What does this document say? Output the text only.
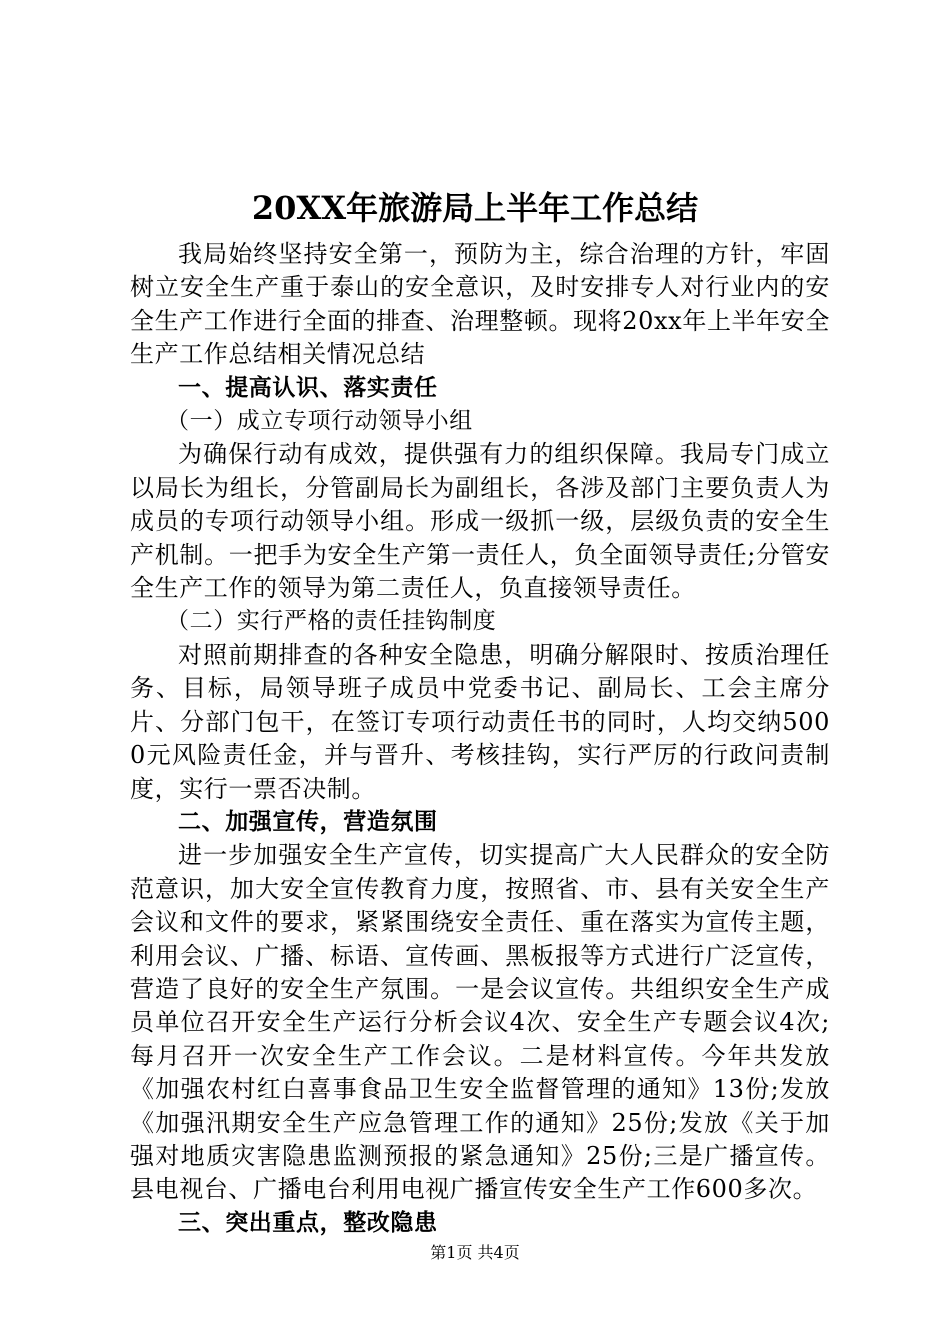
20XX年旅游局上半年工作总结

我局始终坚持安全第一，预防为主，综合治理的方针，牢固树立安全生产重于泰山的安全意识，及时安排专人对行业内的安全生产工作进行全面的排查、治理整顿。现将20xx年上半年安全生产工作总结相关情况总结

一、提高认识、落实责任

（一）成立专项行动领导小组

为确保行动有成效，提供强有力的组织保障。我局专门成立以局长为组长，分管副局长为副组长，各涉及部门主要负责人为成员的专项行动领导小组。形成一级抓一级，层级负责的安全生产机制。一把手为安全生产第一责任人，负全面领导责任;分管安全生产工作的领导为第二责任人，负直接领导责任。

（二）实行严格的责任挂钩制度

对照前期排查的各种安全隐患，明确分解限时、按质治理任务、目标，局领导班子成员中党委书记、副局长、工会主席分片、分部门包干，在签订专项行动责任书的同时，人均交纳5000元风险责任金，并与晋升、考核挂钩，实行严厉的行政问责制度，实行一票否决制。

二、加强宣传，营造氛围

进一步加强安全生产宣传，切实提高广大人民群众的安全防范意识，加大安全宣传教育力度，按照省、市、县有关安全生产会议和文件的要求，紧紧围绕安全责任、重在落实为宣传主题，利用会议、广播、标语、宣传画、黑板报等方式进行广泛宣传，营造了良好的安全生产氛围。一是会议宣传。共组织安全生产成员单位召开安全生产运行分析会议4次、安全生产专题会议4次;每月召开一次安全生产工作会议。二是材料宣传。今年共发放《加强农村红白喜事食品卫生安全监督管理的通知》13份;发放《加强汛期安全生产应急管理工作的通知》25份;发放《关于加强对地质灾害隐患监测预报的紧急通知》25份;三是广播宣传。县电视台、广播电台利用电视广播宣传安全生产工作600多次。

三、突出重点，整改隐患

第1页 共4页
